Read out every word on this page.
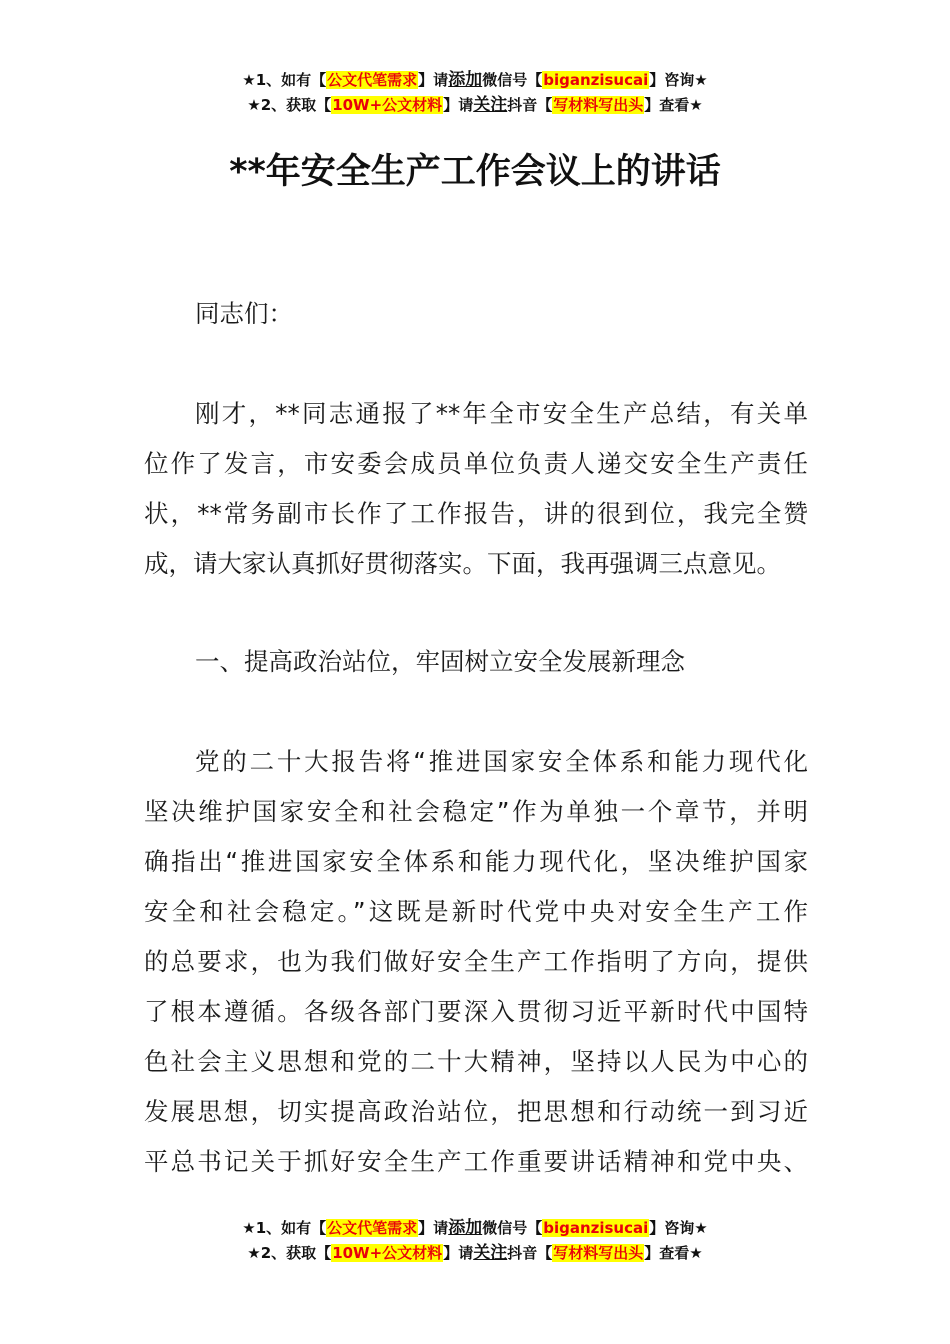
★1、如有【公文代笔需求】请添加微信号【biganzisucai】咨询★
★2、获取【10W+公文材料】请关注抖音【写材料写出头】查看★
**年安全生产工作会议上的讲话
同志们：
刚才，**同志通报了**年全市安全生产总结，有关单
位作了发言，市安委会成员单位负责人递交安全生产责任
状，**常务副市长作了工作报告，讲的很到位，我完全赞
成，请大家认真抓好贯彻落实。下面，我再强调三点意见。
一、提高政治站位，牢固树立安全发展新理念
党的二十大报告将“推进国家安全体系和能力现代化
坚决维护国家安全和社会稳定”作为单独一个章节，并明
确指出“推进国家安全体系和能力现代化，坚决维护国家
安全和社会稳定。”这既是新时代党中央对安全生产工作
的总要求，也为我们做好安全生产工作指明了方向，提供
了根本遵循。各级各部门要深入贯彻习近平新时代中国特
色社会主义思想和党的二十大精神，坚持以人民为中心的
发展思想，切实提高政治站位，把思想和行动统一到习近
平总书记关于抓好安全生产工作重要讲话精神和党中央、
★1、如有【公文代笔需求】请添加微信号【biganzisucai】咨询★
★2、获取【10W+公文材料】请关注抖音【写材料写出头】查看★
